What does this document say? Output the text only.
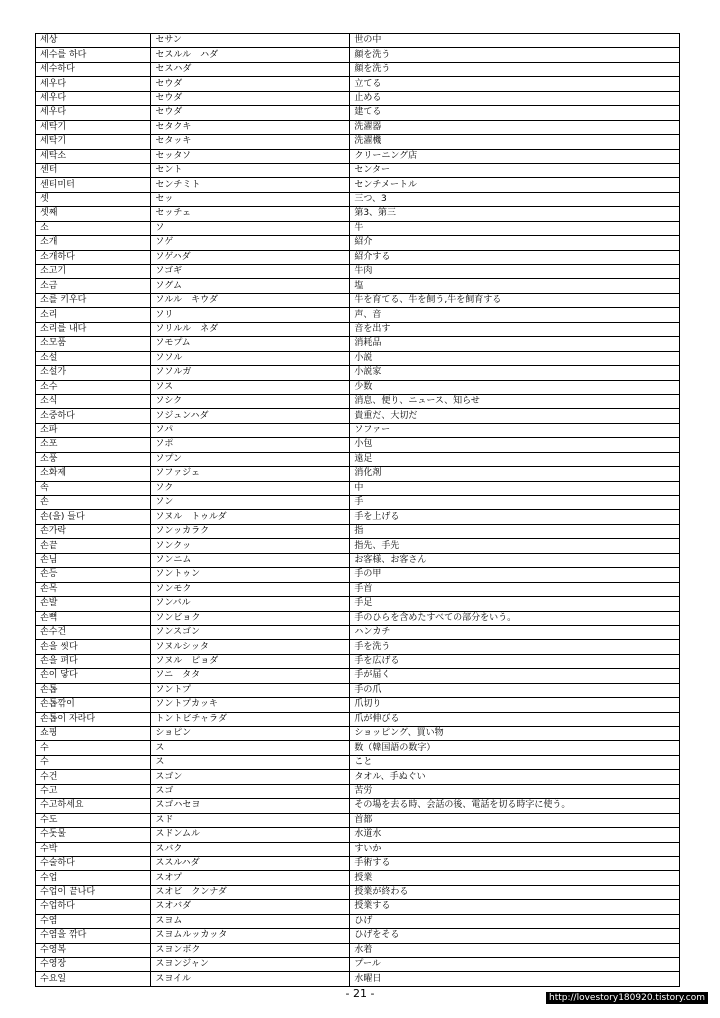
세상	セサン	世の中
세수를 하다	セスルル　ハダ	顔を洗う
세수하다	セスハダ	顔を洗う
세우다	セウダ	立てる
세우다	セウダ	止める
세우다	セウダ	建てる
세탁기	セタクキ	洗濯器
세탁기	セタッキ	洗濯機
세탁소	セッタソ	クリーニング店
센터	セント	センター
센티미터	センチミト	センチメートル
셋	セッ	三つ、3
셋째	セッチェ	第3、第三
소	ソ	牛
소개	ソゲ	紹介
소개하다	ソゲハダ	紹介する
소고기	ソゴギ	牛肉
소금	ソグム	塩
소를 키우다	ソルル　キウダ	牛を育てる、牛を飼う,牛を飼育する
소리	ソリ	声、音
소리를 내다	ソリルル　ネダ	音を出す
소모품	ソモプム	消耗品
소설	ソソル	小説
소설가	ソソルガ	小説家
소수	ソス	少数
소식	ソシク	消息、便り、ニュース、知らせ
소중하다	ソジュンハダ	貴重だ、大切だ
소파	ソパ	ソファー
소포	ソポ	小包
소풍	ソプン	遠足
소화제	ソファジェ	消化剤
속	ソク	中
손	ソン	手
손(을) 들다	ソヌル　トゥルダ	手を上げる
손가락	ソンッカラク	指
손끝	ソンクッ	指先、手先
손님	ソンニム	お客様、お客さん
손등	ソントゥン	手の甲
손목	ソンモク	手首
손발	ソンバル	手足
손뼉	ソンビョク	手のひらを含めたすべての部分をいう。
손수건	ソンスゴン	ハンカチ
손을 씻다	ソヌルシッタ	手を洗う
손을 펴다	ソヌル　ピョダ	手を広げる
손이 닿다	ソニ　タタ	手が届く
손톱	ソントプ	手の爪
손톱깎이	ソントプカッキ	爪切り
손톱이 자라다	トントビチャラダ	爪が伸びる
쇼핑	ショピン	ショッピング、買い物
수	ス	数（韓国語の数字）
수	ス	こと
수건	スゴン	タオル、手ぬぐい
수고	スゴ	苦労
수고하세요	スゴハセヨ	その場を去る時、会話の後、電話を切る時字に使う。
수도	スド	首都
수돗물	スドンムル	水道水
수박	スバク	すいか
수술하다	ススルハダ	手術する
수업	スオプ	授業
수업이 끝나다	スオビ　クンナダ	授業が終わる
수업하다	スオバダ	授業する
수염	スヨム	ひげ
수염을 깎다	スヨムルッカッタ	ひげをそる
수영복	スヨンボク	水着
수영장	スヨンジャン	プール
수요일	スヨイル	水曜日
- 21 -	http://lovestory180920.tistory.com
